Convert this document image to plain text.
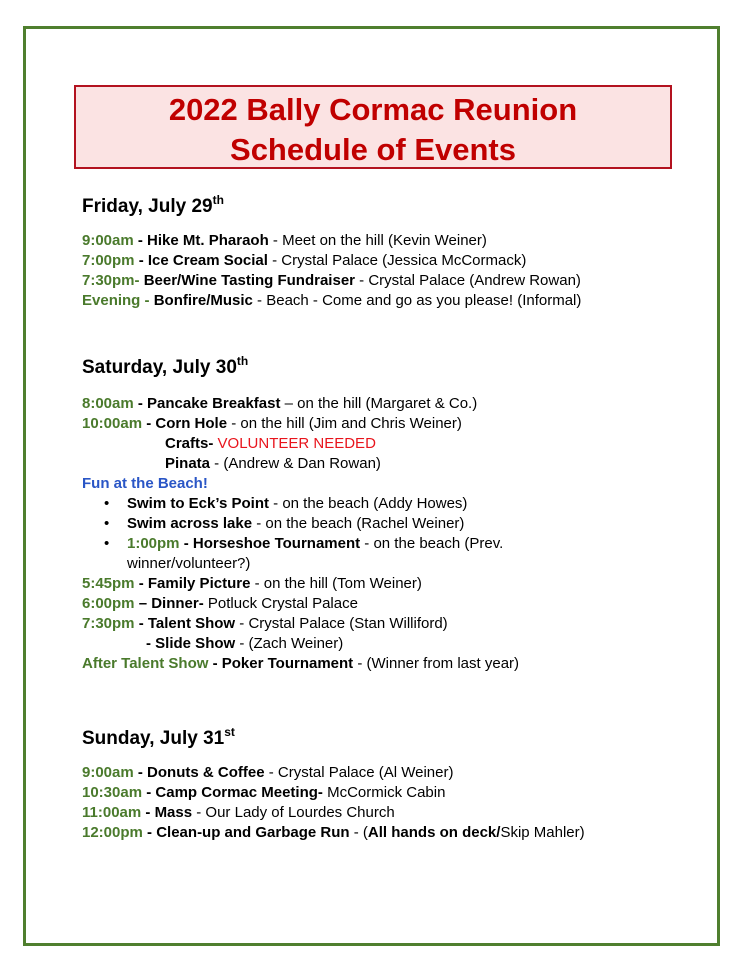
2022 Bally Cormac Reunion
Schedule of Events
Friday, July 29th
9:00am - Hike Mt. Pharaoh - Meet on the hill (Kevin Weiner)
7:00pm - Ice Cream Social - Crystal Palace (Jessica McCormack)
7:30pm- Beer/Wine Tasting Fundraiser - Crystal Palace (Andrew Rowan)
Evening - Bonfire/Music - Beach - Come and go as you please! (Informal)
Saturday, July 30th
8:00am - Pancake Breakfast – on the hill (Margaret & Co.)
10:00am - Corn Hole - on the hill (Jim and Chris Weiner)
Crafts- VOLUNTEER NEEDED
Pinata - (Andrew & Dan Rowan)
Fun at the Beach!
• Swim to Eck’s Point - on the beach (Addy Howes)
• Swim across lake - on the beach (Rachel Weiner)
• 1:00pm - Horseshoe Tournament - on the beach (Prev.
winner/volunteer?)
5:45pm - Family Picture - on the hill (Tom Weiner)
6:00pm – Dinner- Potluck Crystal Palace
7:30pm - Talent Show - Crystal Palace (Stan Williford)
- Slide Show - (Zach Weiner)
After Talent Show - Poker Tournament - (Winner from last year)
Sunday, July 31st
9:00am - Donuts & Coffee - Crystal Palace (Al Weiner)
10:30am - Camp Cormac Meeting- McCormick Cabin
11:00am - Mass - Our Lady of Lourdes Church
12:00pm - Clean-up and Garbage Run - (All hands on deck/Skip Mahler)
